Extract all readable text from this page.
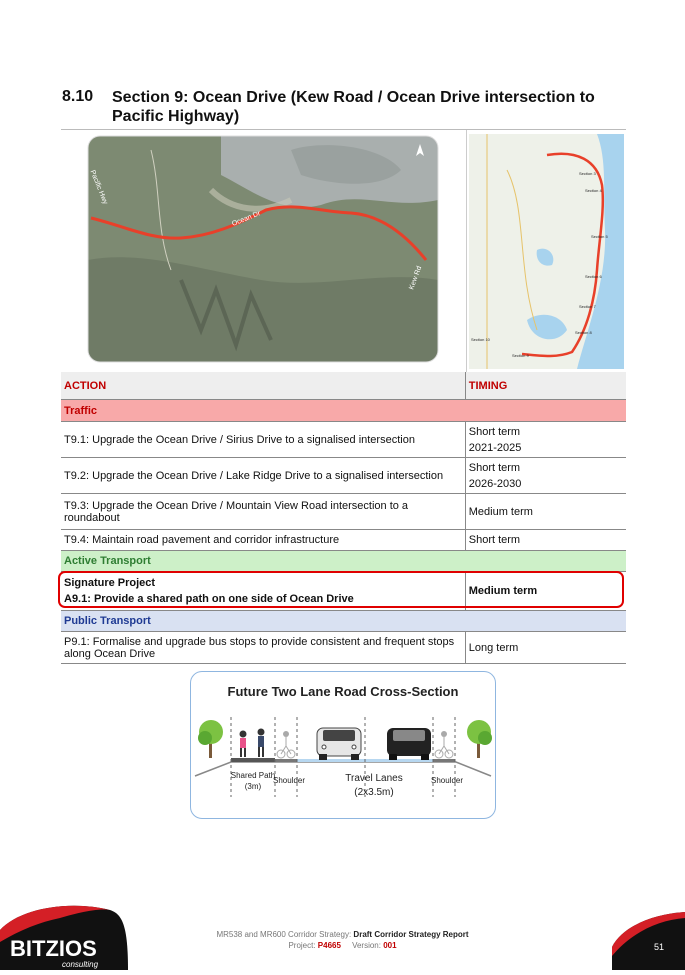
8.10 Section 9: Ocean Drive (Kew Road / Ocean Drive intersection to Pacific Highway)
Pacific Hwy
Ocean Dr
Kew Rd
Section 3
Section 4
Section 5
Section 6
Section 7
Section 8
Section 9
Section 10
ACTION	TIMING
Traffic	
T9.1: Upgrade the Ocean Drive / Sirius Drive to a signalised intersection	Short term
2021-2025

T9.2: Upgrade the Ocean Drive / Lake Ridge Drive to a signalised intersection	Short term
2026-2030

T9.3: Upgrade the Ocean Drive / Mountain View Road intersection to a roundabout	Medium term
T9.4: Maintain road pavement and corridor infrastructure	Short term
Active Transport	

Signature Project
A9.1: Provide a shared path on one side of Ocean Drive	Medium term
Public Transport	
P9.1: Formalise and upgrade bus stops to provide consistent and frequent stops along Ocean Drive	Long term
Future Two Lane Road Cross-Section
Shared Path
(3m)
Shoulder	Travel Lanes
(2x3.5m)
Shoulder
BITZIOS
consulting
MR538 and MR600 Corridor Strategy: Draft Corridor Strategy Report
Project: P4665 Version: 001	51
